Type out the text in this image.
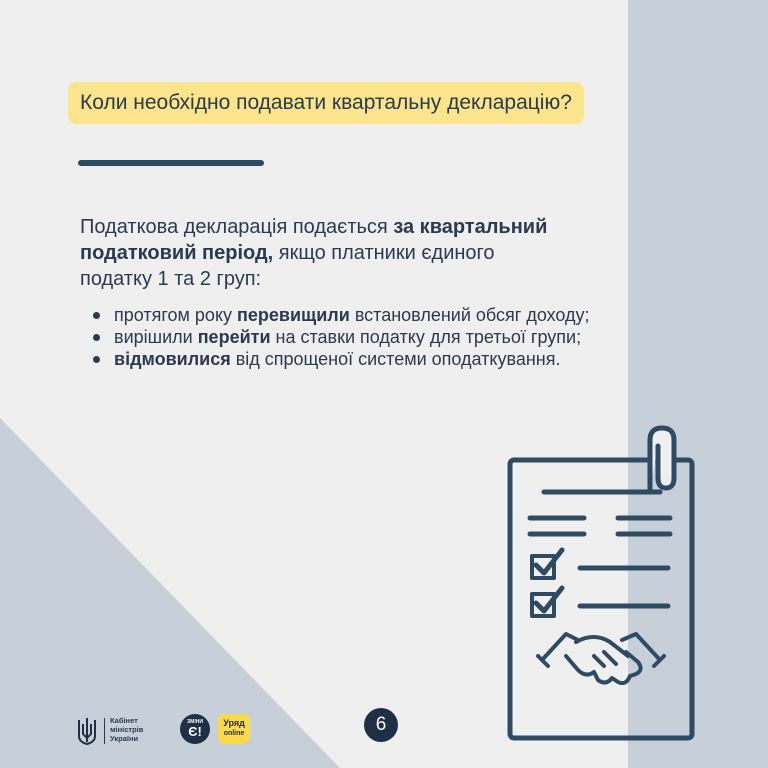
Коли необхідно подавати квартальну декларацію?
Податкова декларація подається за квартальний податковий період, якщо платники єдиного податку 1 та 2 груп:
протягом року перевищили встановлений обсяг доходу;
вирішили перейти на ставки податку для третьої групи;
відмовилися від спрощеної системи оподаткування.
Кабінет міністрів України
ЗМІНИ
Є!
Уряд
online	6
